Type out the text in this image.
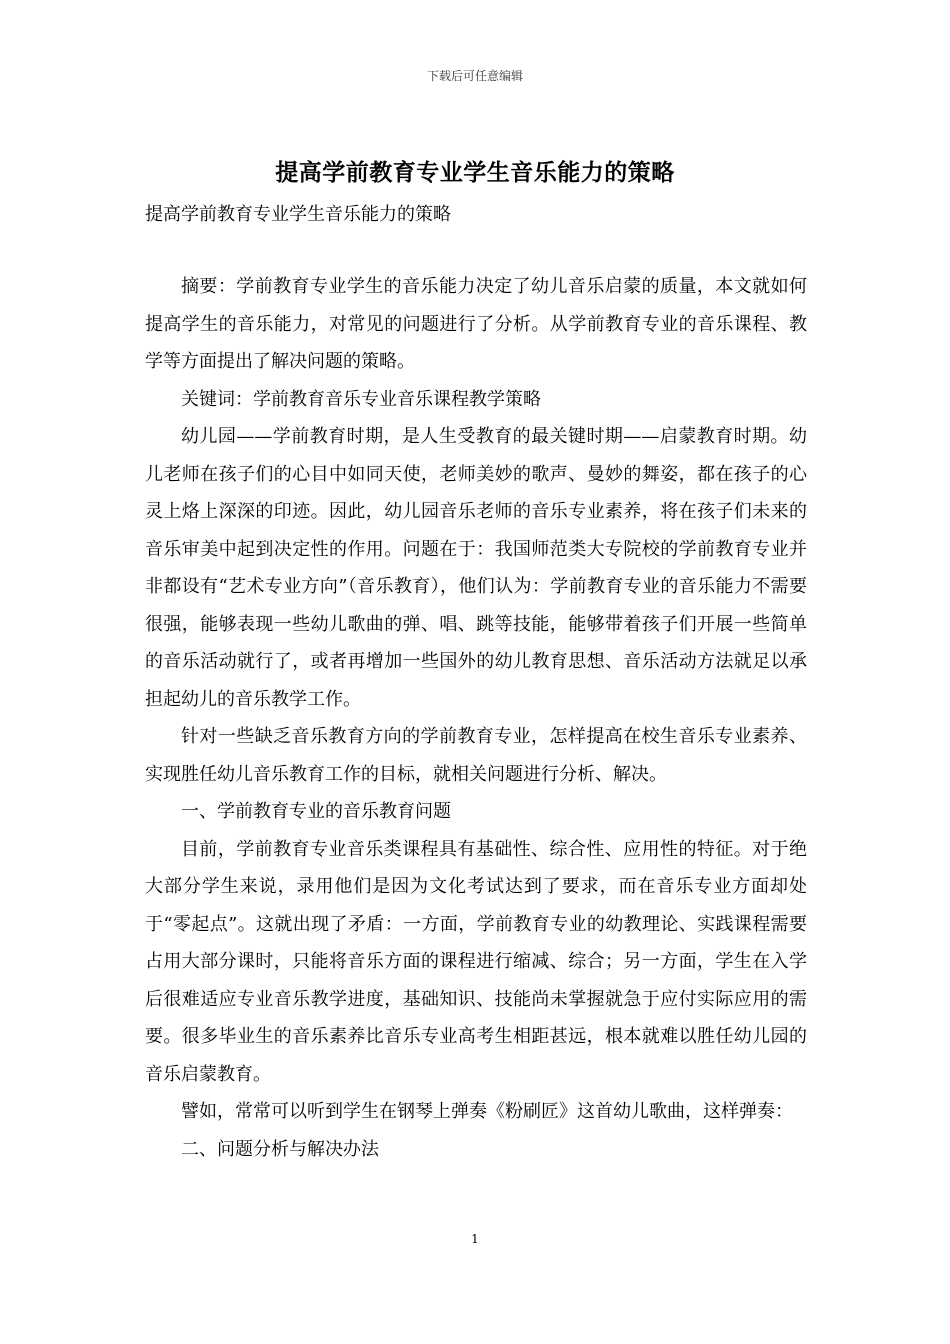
下载后可任意编辑
提高学前教育专业学生音乐能力的策略
提高学前教育专业学生音乐能力的策略

摘要：学前教育专业学生的音乐能力决定了幼儿音乐启蒙的质量，本文就如何提高学生的音乐能力，对常见的问题进行了分析。从学前教育专业的音乐课程、教学等方面提出了解决问题的策略。

关键词：学前教育音乐专业音乐课程教学策略

幼儿园——学前教育时期，是人生受教育的最关键时期——启蒙教育时期。幼儿老师在孩子们的心目中如同天使，老师美妙的歌声、曼妙的舞姿，都在孩子的心灵上烙上深深的印迹。因此，幼儿园音乐老师的音乐专业素养，将在孩子们未来的音乐审美中起到决定性的作用。问题在于：我国师范类大专院校的学前教育专业并非都设有“艺术专业方向”（音乐教育），他们认为：学前教育专业的音乐能力不需要很强，能够表现一些幼儿歌曲的弹、唱、跳等技能，能够带着孩子们开展一些简单的音乐活动就行了，或者再增加一些国外的幼儿教育思想、音乐活动方法就足以承担起幼儿的音乐教学工作。

针对一些缺乏音乐教育方向的学前教育专业，怎样提高在校生音乐专业素养、实现胜任幼儿音乐教育工作的目标，就相关问题进行分析、解决。

一、学前教育专业的音乐教育问题

目前，学前教育专业音乐类课程具有基础性、综合性、应用性的特征。对于绝大部分学生来说，录用他们是因为文化考试达到了要求，而在音乐专业方面却处于“零起点”。这就出现了矛盾：一方面，学前教育专业的幼教理论、实践课程需要占用大部分课时，只能将音乐方面的课程进行缩减、综合；另一方面，学生在入学后很难适应专业音乐教学进度，基础知识、技能尚未掌握就急于应付实际应用的需要。很多毕业生的音乐素养比音乐专业高考生相距甚远，根本就难以胜任幼儿园的音乐启蒙教育。

譬如，常常可以听到学生在钢琴上弹奏《粉刷匠》这首幼儿歌曲，这样弹奏：

二、问题分析与解决办法

1
